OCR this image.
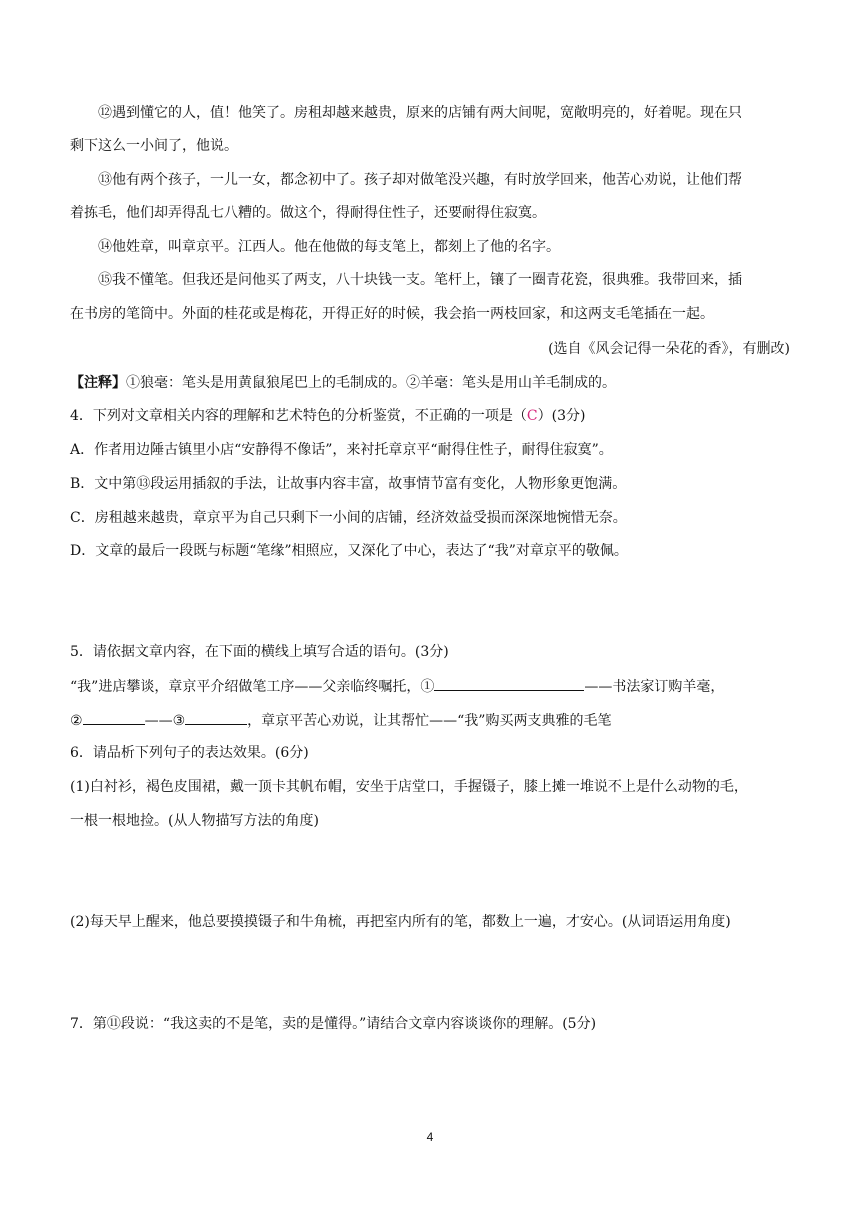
⑫遇到懂它的人，值！他笑了。房租却越来越贵，原来的店铺有两大间呢，宽敞明亮的，好着呢。现在只
剩下这么一小间了，他说。
⑬他有两个孩子，一儿一女，都念初中了。孩子却对做笔没兴趣，有时放学回来，他苦心劝说，让他们帮
着拣毛，他们却弄得乱七八糟的。做这个，得耐得住性子，还要耐得住寂寞。
⑭他姓章，叫章京平。江西人。他在他做的每支笔上，都刻上了他的名字。
⑮我不懂笔。但我还是问他买了两支，八十块钱一支。笔杆上，镶了一圈青花瓷，很典雅。我带回来，插
在书房的笔筒中。外面的桂花或是梅花，开得正好的时候，我会掐一两枝回家，和这两支毛笔插在一起。
(选自《风会记得一朵花的香》，有删改)
【注释】①狼毫：笔头是用黄鼠狼尾巴上的毛制成的。②羊毫：笔头是用山羊毛制成的。
4．下列对文章相关内容的理解和艺术特色的分析鉴赏，不正确的一项是（C）(3分)
A．作者用边陲古镇里小店“安静得不像话”，来衬托章京平“耐得住性子，耐得住寂寞”。
B．文中第⑬段运用插叙的手法，让故事内容丰富，故事情节富有变化，人物形象更饱满。
C．房租越来越贵，章京平为自己只剩下一小间的店铺，经济效益受损而深深地惋惜无奈。
D．文章的最后一段既与标题“笔缘”相照应，又深化了中心，表达了“我”对章京平的敬佩。
5．请依据文章内容，在下面的横线上填写合适的语句。(3分)
“我”进店攀谈，章京平介绍做笔工序——父亲临终嘱托，①	——书法家订购羊毫，
②	——③	，章京平苦心劝说，让其帮忙——“我”购买两支典雅的毛笔
6．请品析下列句子的表达效果。(6分)
(1)白衬衫，褐色皮围裙，戴一顶卡其帆布帽，安坐于店堂口，手握镊子，膝上摊一堆说不上是什么动物的毛，
一根一根地捡。(从人物描写方法的角度)
(2)每天早上醒来，他总要摸摸镊子和牛角梳，再把室内所有的笔，都数上一遍，才安心。(从词语运用角度)
7．第⑪段说：“我这卖的不是笔，卖的是懂得。”请结合文章内容谈谈你的理解。(5分)
4
